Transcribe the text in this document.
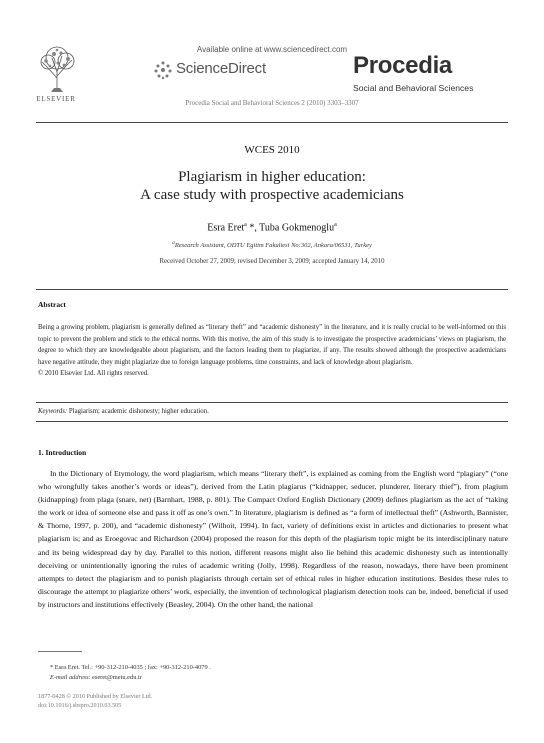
Available online at www.sciencedirect.com
ScienceDirect
ELSEVIER	Procedia Social and Behavioral Sciences 2 (2010) 3303–3307
Procedia
Social and Behavioral Sciences
WCES 2010
Plagiarism in higher education:
A case study with prospective academicians
Esra Eret$^a$ *, Tuba Gokmenoglu$^a$
$^a$Research Assistant, ODTU Egitim Fakultesi No:302, Ankara/06531, Turkey
Received October 27, 2009; revised December 3, 2009; accepted January 14, 2010
Abstract
Being a growing problem, plagiarism is generally defined as “literary theft” and “academic dishonesty” in the literature, and it is really crucial to be well-informed on this topic to prevent the problem and stick to the ethical norms. With this motive, the aim of this study is to investigate the prospective academicians’ views on plagiarism, the degree to which they are knowledgeable about plagiarism, and the factors leading them to plagiarize, if any. The results showed although the prospective academicians have negative attitude, they might plagiarize due to foreign language problems, time constraints, and lack of knowledge about plagiarism.
© 2010 Elsevier Ltd. All rights reserved.
Keywords: Plagiarism; academic dishonesty; higher education.
1. Introduction

In the Dictionary of Etymology, the word plagiarism, which means “literary theft”, is explained as coming from the English word “plagiary” (“one who wrongfully takes another’s words or ideas”), derived from the Latin plagiarus (“kidnapper, seducer, plunderer, literary thief”), from plagium (kidnapping) from plaga (snare, net) (Barnhart, 1988, p. 801). The Compact Oxford English Dictionary (2009) defines plagiarism as the act of “taking the work or idea of someone else and pass it off as one’s own.” In literature, plagiarism is defined as “a form of intellectual theft” (Ashworth, Bannister, & Thorne, 1997, p. 200), and “academic dishonesty” (Wilhoit, 1994). In fact, variety of definitions exist in articles and dictionaries to present what plagiarism is; and as Eroegovac and Richardson (2004) proposed the reason for this depth of the plagiarism topic might be its interdisciplinary nature and its being widespread day by day. Parallel to this notion, different reasons might also lie behind this academic dishonesty such as intentionally deceiving or unintentionally ignoring the rules of academic writing (Jolly, 1998). Regardless of the reason, nowadays, there have been prominent attempts to detect the plagiarism and to punish plagiarists through certain set of ethical rules in higher education institutions. Besides these rules to discourage the attempt to plagiarize others’ work, especially, the invention of technological plagiarism detection tools can be, indeed, beneficial if used by instructors and institutions effectively (Beasley, 2004). On the other hand, the national

* Esra Eret. Tel.: +90-312-210-4035 ; fax: +90-312-210-4079 .
E-mail address: eseret@metu.edu.tr
1877-0428 © 2010 Published by Elsevier Ltd.
doi:10.1016/j.sbspro.2010.03.505
